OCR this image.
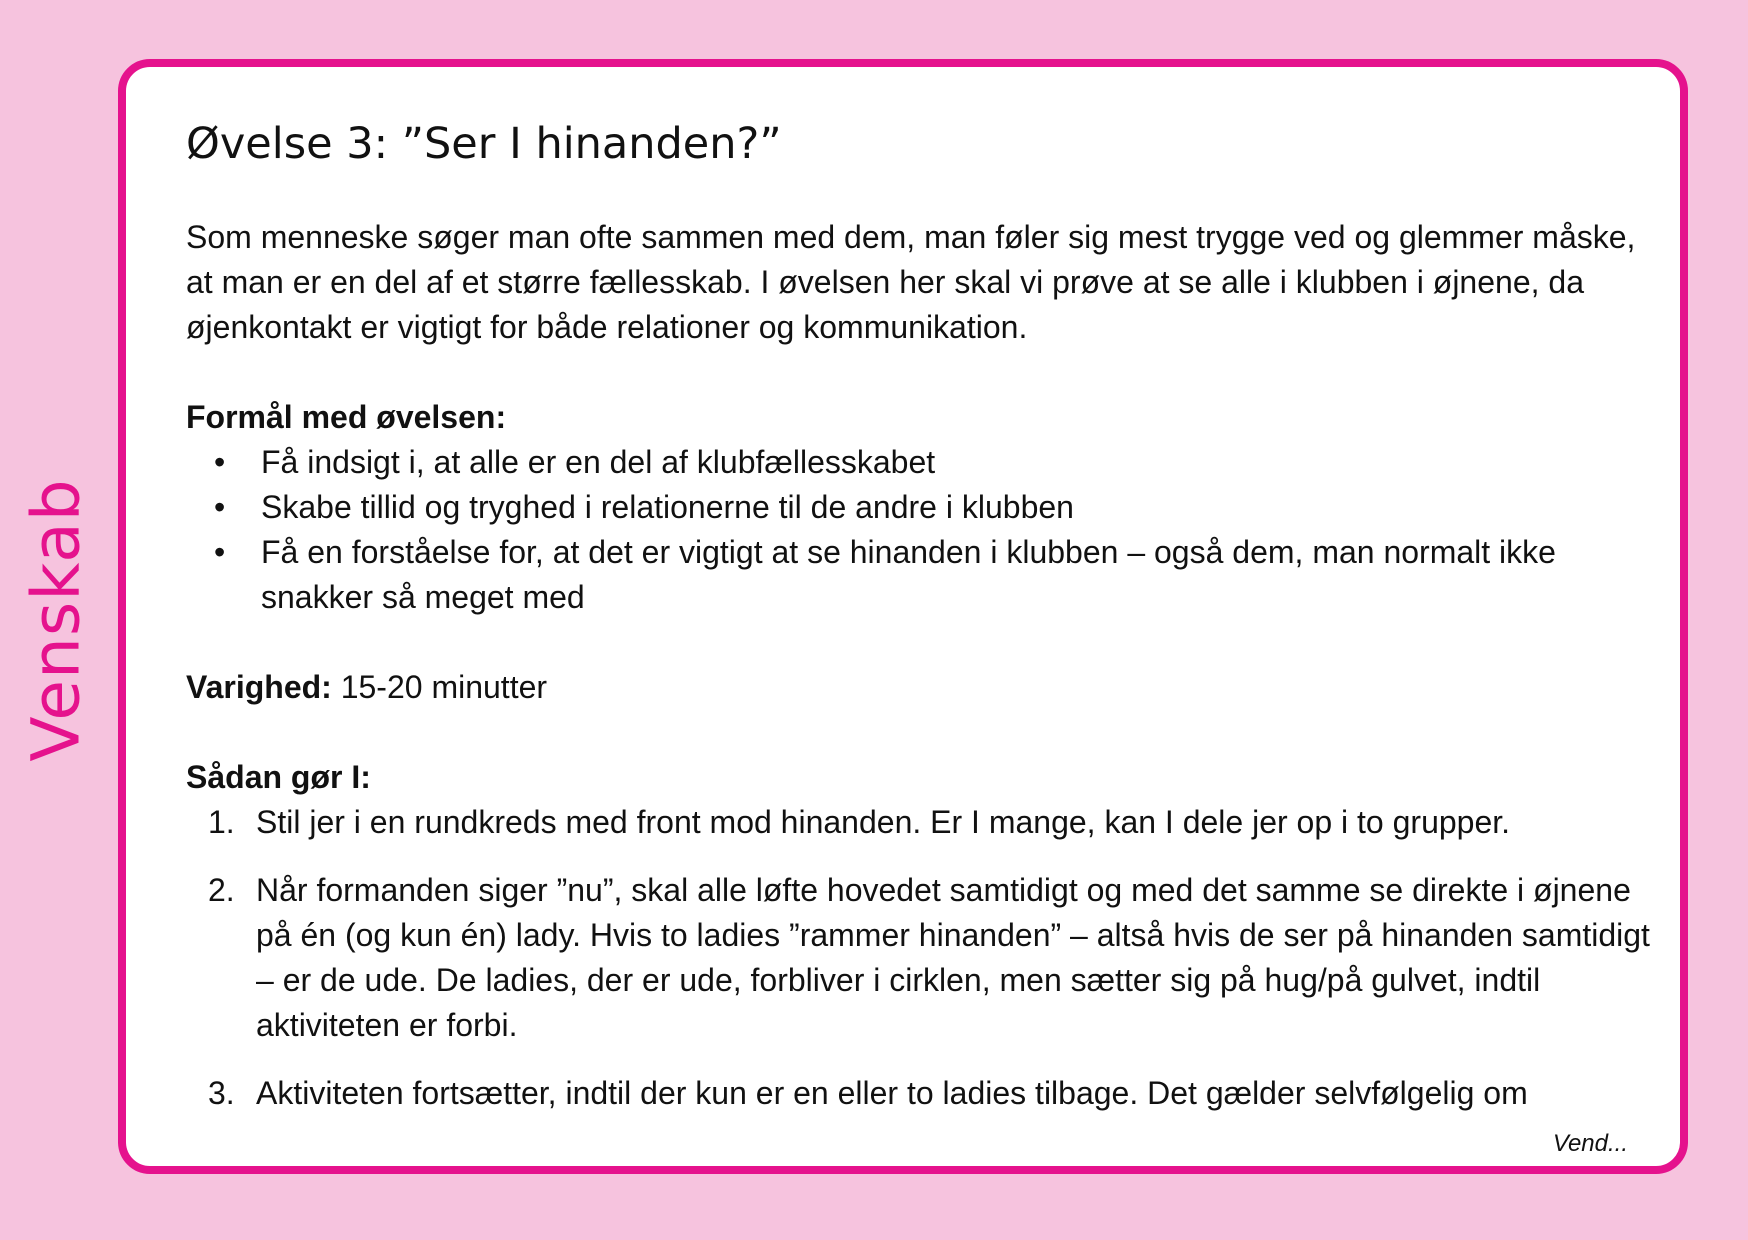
Venskab
Øvelse 3: ”Ser I hinanden?”

Som menneske søger man ofte sammen med dem, man føler sig mest trygge ved og glemmer måske, at man er en del af et større fællesskab. I øvelsen her skal vi prøve at se alle i klubben i øjnene, da øjenkontakt er vigtigt for både relationer og kommunikation.

Formål med øvelsen:

• Få indsigt i, at alle er en del af klubfællesskabet
• Skabe tillid og tryghed i relationerne til de andre i klubben
• Få en forståelse for, at det er vigtigt at se hinanden i klubben – også dem, man normalt ikke snakker så meget med

Varighed: 15-20 minutter

Sådan gør I:

1. Stil jer i en rundkreds med front mod hinanden. Er I mange, kan I dele jer op i to grupper.
2. Når formanden siger ”nu”, skal alle løfte hovedet samtidigt og med det samme se direkte i øjnene på én (og kun én) lady. Hvis to ladies ”rammer hinanden” – altså hvis de ser på hinanden samtidigt – er de ude. De ladies, der er ude, forbliver i cirklen, men sætter sig på hug/på gulvet, indtil aktiviteten er forbi.
3. Aktiviteten fortsætter, indtil der kun er en eller to ladies tilbage. Det gælder selvfølgelig om
Vend...
